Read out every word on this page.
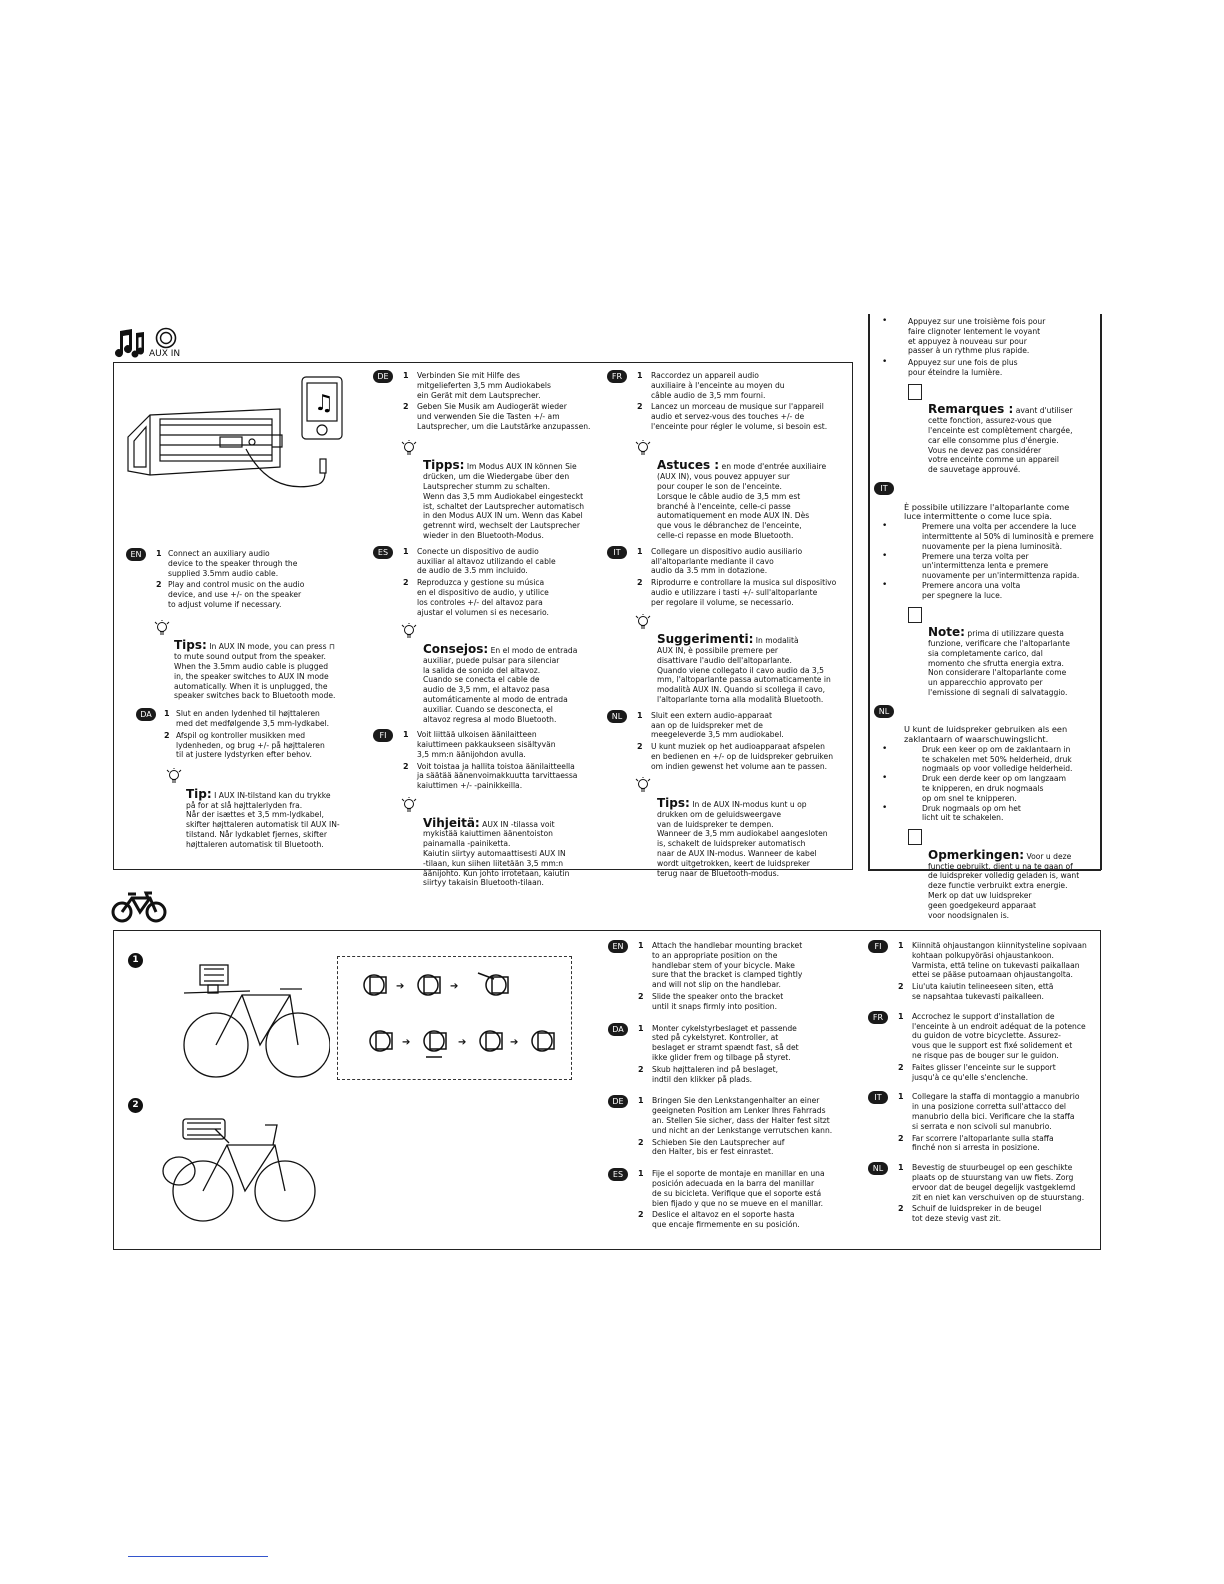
AUX IN
♫
EN	1 Connect an auxiliary audio
device to the speaker through the
supplied 3.5mm audio cable.
2 Play and control music on the audio
device, and use +/- on the speaker
to adjust volume if necessary.

Tips: In AUX IN mode, you can press ⊓
to mute sound output from the speaker.
When the 3.5mm audio cable is plugged
in, the speaker switches to AUX IN mode
automatically. When it is unplugged, the
speaker switches back to Bluetooth mode.

DA	1 Slut en anden lydenhed til højttaleren
med det medfølgende 3,5 mm-lydkabel.
2 Afspil og kontroller musikken med
lydenheden, og brug +/- på højttaleren
til at justere lydstyrken efter behov.

Tip: I AUX IN-tilstand kan du trykke
på for at slå højttalerlyden fra.
Når der isættes et 3,5 mm-lydkabel,
skifter højttaleren automatisk til AUX IN-
tilstand. Når lydkablet fjernes, skifter
højttaleren automatisk til Bluetooth.

DE	1 Verbinden Sie mit Hilfe des
mitgelieferten 3,5 mm Audiokabels
ein Gerät mit dem Lautsprecher.
2 Geben Sie Musik am Audiogerät wieder
und verwenden Sie die Tasten +/- am
Lautsprecher, um die Lautstärke anzupassen.

Tipps: Im Modus AUX IN können Sie
drücken, um die Wiedergabe über den
Lautsprecher stumm zu schalten.
Wenn das 3,5 mm Audiokabel eingesteckt
ist, schaltet der Lautsprecher automatisch
in den Modus AUX IN um. Wenn das Kabel
getrennt wird, wechselt der Lautsprecher
wieder in den Bluetooth-Modus.

ES	1 Conecte un dispositivo de audio
auxiliar al altavoz utilizando el cable
de audio de 3.5 mm incluido.
2 Reproduzca y gestione su música
en el dispositivo de audio, y utilice
los controles +/- del altavoz para
ajustar el volumen si es necesario.

Consejos: En el modo de entrada
auxiliar, puede pulsar para silenciar
la salida de sonido del altavoz.
Cuando se conecta el cable de
audio de 3,5 mm, el altavoz pasa
automáticamente al modo de entrada
auxiliar. Cuando se desconecta, el
altavoz regresa al modo Bluetooth.

FI	1 Voit liittää ulkoisen äänilaitteen
kaiuttimeen pakkaukseen sisältyvän
3,5 mm:n äänijohdon avulla.
2 Voit toistaa ja hallita toistoa äänilaitteella
ja säätää äänenvoimakkuutta tarvittaessa
kaiuttimen +/- -painikkeilla.

Vihjeitä: AUX IN -tilassa voit
mykistää kaiuttimen äänentoiston
painamalla -painiketta.
Kaiutin siirtyy automaattisesti AUX IN
-tilaan, kun siihen liitetään 3,5 mm:n
äänijohto. Kun johto irrotetaan, kaiutin
siirtyy takaisin Bluetooth-tilaan.

FR	1 Raccordez un appareil audio
auxiliaire à l'enceinte au moyen du
câble audio de 3,5 mm fourni.
2 Lancez un morceau de musique sur l'appareil
audio et servez-vous des touches +/- de
l'enceinte pour régler le volume, si besoin est.

Astuces : en mode d'entrée auxiliaire
(AUX IN), vous pouvez appuyer sur
pour couper le son de l'enceinte.
Lorsque le câble audio de 3,5 mm est
branché à l'enceinte, celle-ci passe
automatiquement en mode AUX IN. Dès
que vous le débranchez de l'enceinte,
celle-ci repasse en mode Bluetooth.

IT	1 Collegare un dispositivo audio ausiliario
all'altoparlante mediante il cavo
audio da 3.5 mm in dotazione.
2 Riprodurre e controllare la musica sul dispositivo
audio e utilizzare i tasti +/- sull'altoparlante
per regolare il volume, se necessario.

Suggerimenti: In modalità
AUX IN, è possibile premere per
disattivare l'audio dell'altoparlante.
Quando viene collegato il cavo audio da 3,5
mm, l'altoparlante passa automaticamente in
modalità AUX IN. Quando si scollega il cavo,
l'altoparlante torna alla modalità Bluetooth.

NL	1 Sluit een extern audio-apparaat
aan op de luidspreker met de
meegeleverde 3,5 mm audiokabel.
2 U kunt muziek op het audioapparaat afspelen
en bedienen en +/- op de luidspreker gebruiken
om indien gewenst het volume aan te passen.

Tips: In de AUX IN-modus kunt u op
drukken om de geluidsweergave
van de luidspreker te dempen.
Wanneer de 3,5 mm audiokabel aangesloten
is, schakelt de luidspreker automatisch
naar de AUX IN-modus. Wanneer de kabel
wordt uitgetrokken, keert de luidspreker
terug naar de Bluetooth-modus.

• Appuyez sur une troisième fois pour
faire clignoter lentement le voyant
et appuyez à nouveau sur pour
passer à un rythme plus rapide.
• Appuyez sur une fois de plus
pour éteindre la lumière.

Remarques : avant d'utiliser
cette fonction, assurez-vous que
l'enceinte est complètement chargée,
car elle consomme plus d'énergie.
Vous ne devez pas considérer
votre enceinte comme un appareil
de sauvetage approuvé.

IT

È possibile utilizzare l'altoparlante come
luce intermittente o come luce spia.

• Premere una volta per accendere la luce
intermittente al 50% di luminosità e premere
nuovamente per la piena luminosità.
• Premere una terza volta per
un'intermittenza lenta e premere
nuovamente per un'intermittenza rapida.
• Premere ancora una volta
per spegnere la luce.

Note: prima di utilizzare questa
funzione, verificare che l'altoparlante
sia completamente carico, dal
momento che sfrutta energia extra.
Non considerare l'altoparlante come
un apparecchio approvato per
l'emissione di segnali di salvataggio.

NL

U kunt de luidspreker gebruiken als een
zaklantaarn of waarschuwingslicht.

• Druk een keer op om de zaklantaarn in
te schakelen met 50% helderheid, druk
nogmaals op voor volledige helderheid.
• Druk een derde keer op om langzaam
te knipperen, en druk nogmaals
op om snel te knipperen.
• Druk nogmaals op om het
licht uit te schakelen.

Opmerkingen: Voor u deze
functie gebruikt, dient u na te gaan of
de luidspreker volledig geladen is, want
deze functie verbruikt extra energie.
Merk op dat uw luidspreker
geen goedgekeurd apparaat
voor noodsignalen is.

1
2
➔	➔
➔	➔	➔
EN	1 Attach the handlebar mounting bracket
to an appropriate position on the
handlebar stem of your bicycle. Make
sure that the bracket is clamped tightly
and will not slip on the handlebar.
2 Slide the speaker onto the bracket
until it snaps firmly into position.
DA	1 Monter cykelstyrbeslaget et passende
sted på cykelstyret. Kontroller, at
beslaget er stramt spændt fast, så det
ikke glider frem og tilbage på styret.
2 Skub højttaleren ind på beslaget,
indtil den klikker på plads.
DE	1 Bringen Sie den Lenkstangenhalter an einer
geeigneten Position am Lenker Ihres Fahrrads
an. Stellen Sie sicher, dass der Halter fest sitzt
und nicht an der Lenkstange verrutschen kann.
2 Schieben Sie den Lautsprecher auf
den Halter, bis er fest einrastet.
ES	1 Fije el soporte de montaje en manillar en una
posición adecuada en la barra del manillar
de su bicicleta. Verifique que el soporte está
bien fijado y que no se mueve en el manillar.
2 Deslice el altavoz en el soporte hasta
que encaje firmemente en su posición.
FI	1 Kiinnitä ohjaustangon kiinnitysteline sopivaan
kohtaan polkupyöräsi ohjaustankoon.
Varmista, että teline on tukevasti paikallaan
ettei se pääse putoamaan ohjaustangolta.
2 Liu'uta kaiutin telineeseen siten, että
se napsahtaa tukevasti paikalleen.
FR	1 Accrochez le support d'installation de
l'enceinte à un endroit adéquat de la potence
du guidon de votre bicyclette. Assurez-
vous que le support est fixé solidement et
ne risque pas de bouger sur le guidon.
2 Faites glisser l'enceinte sur le support
jusqu'à ce qu'elle s'enclenche.
IT	1 Collegare la staffa di montaggio a manubrio
in una posizione corretta sull'attacco del
manubrio della bici. Verificare che la staffa
si serrata e non scivoli sul manubrio.
2 Far scorrere l'altoparlante sulla staffa
finché non si arresta in posizione.
NL	1 Bevestig de stuurbeugel op een geschikte
plaats op de stuurstang van uw fiets. Zorg
ervoor dat de beugel degelijk vastgeklemd
zit en niet kan verschuiven op de stuurstang.
2 Schuif de luidspreker in de beugel
tot deze stevig vast zit.
